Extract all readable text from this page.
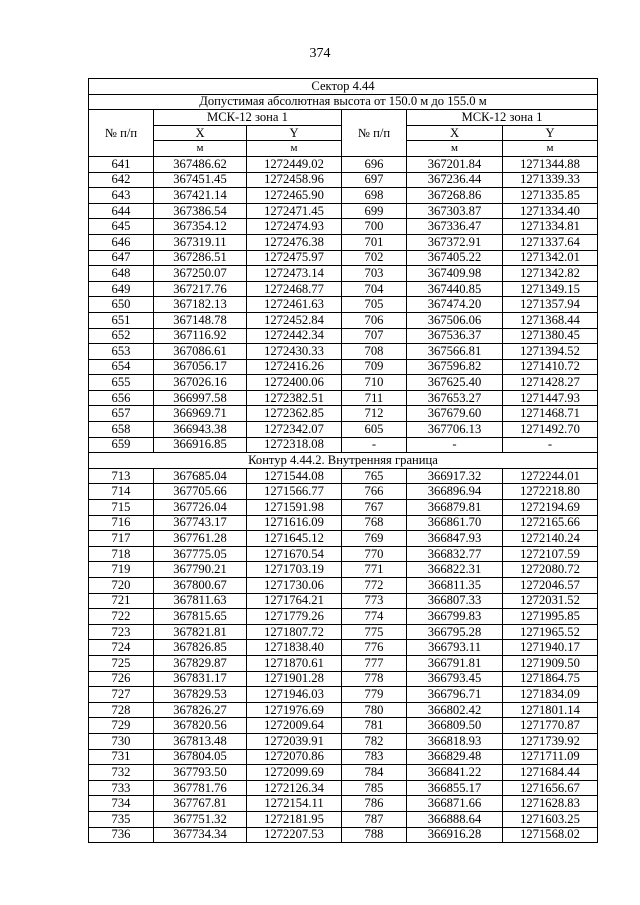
374
Сектор 4.44					
Допустимая абсолютная высота от 150.0 м до 155.0 м					
№ п/п	МСК-12 зона 1		№ п/п	МСК-12 зона 1	
	X	Y		X	Y
	м	м		м	м
641	367486.62	1272449.02	696	367201.84	1271344.88
642	367451.45	1272458.96	697	367236.44	1271339.33
643	367421.14	1272465.90	698	367268.86	1271335.85
644	367386.54	1272471.45	699	367303.87	1271334.40
645	367354.12	1272474.93	700	367336.47	1271334.81
646	367319.11	1272476.38	701	367372.91	1271337.64
647	367286.51	1272475.97	702	367405.22	1271342.01
648	367250.07	1272473.14	703	367409.98	1271342.82
649	367217.76	1272468.77	704	367440.85	1271349.15
650	367182.13	1272461.63	705	367474.20	1271357.94
651	367148.78	1272452.84	706	367506.06	1271368.44
652	367116.92	1272442.34	707	367536.37	1271380.45
653	367086.61	1272430.33	708	367566.81	1271394.52
654	367056.17	1272416.26	709	367596.82	1271410.72
655	367026.16	1272400.06	710	367625.40	1271428.27
656	366997.58	1272382.51	711	367653.27	1271447.93
657	366969.71	1272362.85	712	367679.60	1271468.71
658	366943.38	1272342.07	605	367706.13	1271492.70
659	366916.85	1272318.08	-	-	-
Контур 4.44.2. Внутренняя граница					
713	367685.04	1271544.08	765	366917.32	1272244.01
714	367705.66	1271566.77	766	366896.94	1272218.80
715	367726.04	1271591.98	767	366879.81	1272194.69
716	367743.17	1271616.09	768	366861.70	1272165.66
717	367761.28	1271645.12	769	366847.93	1272140.24
718	367775.05	1271670.54	770	366832.77	1272107.59
719	367790.21	1271703.19	771	366822.31	1272080.72
720	367800.67	1271730.06	772	366811.35	1272046.57
721	367811.63	1271764.21	773	366807.33	1272031.52
722	367815.65	1271779.26	774	366799.83	1271995.85
723	367821.81	1271807.72	775	366795.28	1271965.52
724	367826.85	1271838.40	776	366793.11	1271940.17
725	367829.87	1271870.61	777	366791.81	1271909.50
726	367831.17	1271901.28	778	366793.45	1271864.75
727	367829.53	1271946.03	779	366796.71	1271834.09
728	367826.27	1271976.69	780	366802.42	1271801.14
729	367820.56	1272009.64	781	366809.50	1271770.87
730	367813.48	1272039.91	782	366818.93	1271739.92
731	367804.05	1272070.86	783	366829.48	1271711.09
732	367793.50	1272099.69	784	366841.22	1271684.44
733	367781.76	1272126.34	785	366855.17	1271656.67
734	367767.81	1272154.11	786	366871.66	1271628.83
735	367751.32	1272181.95	787	366888.64	1271603.25
736	367734.34	1272207.53	788	366916.28	1271568.02
